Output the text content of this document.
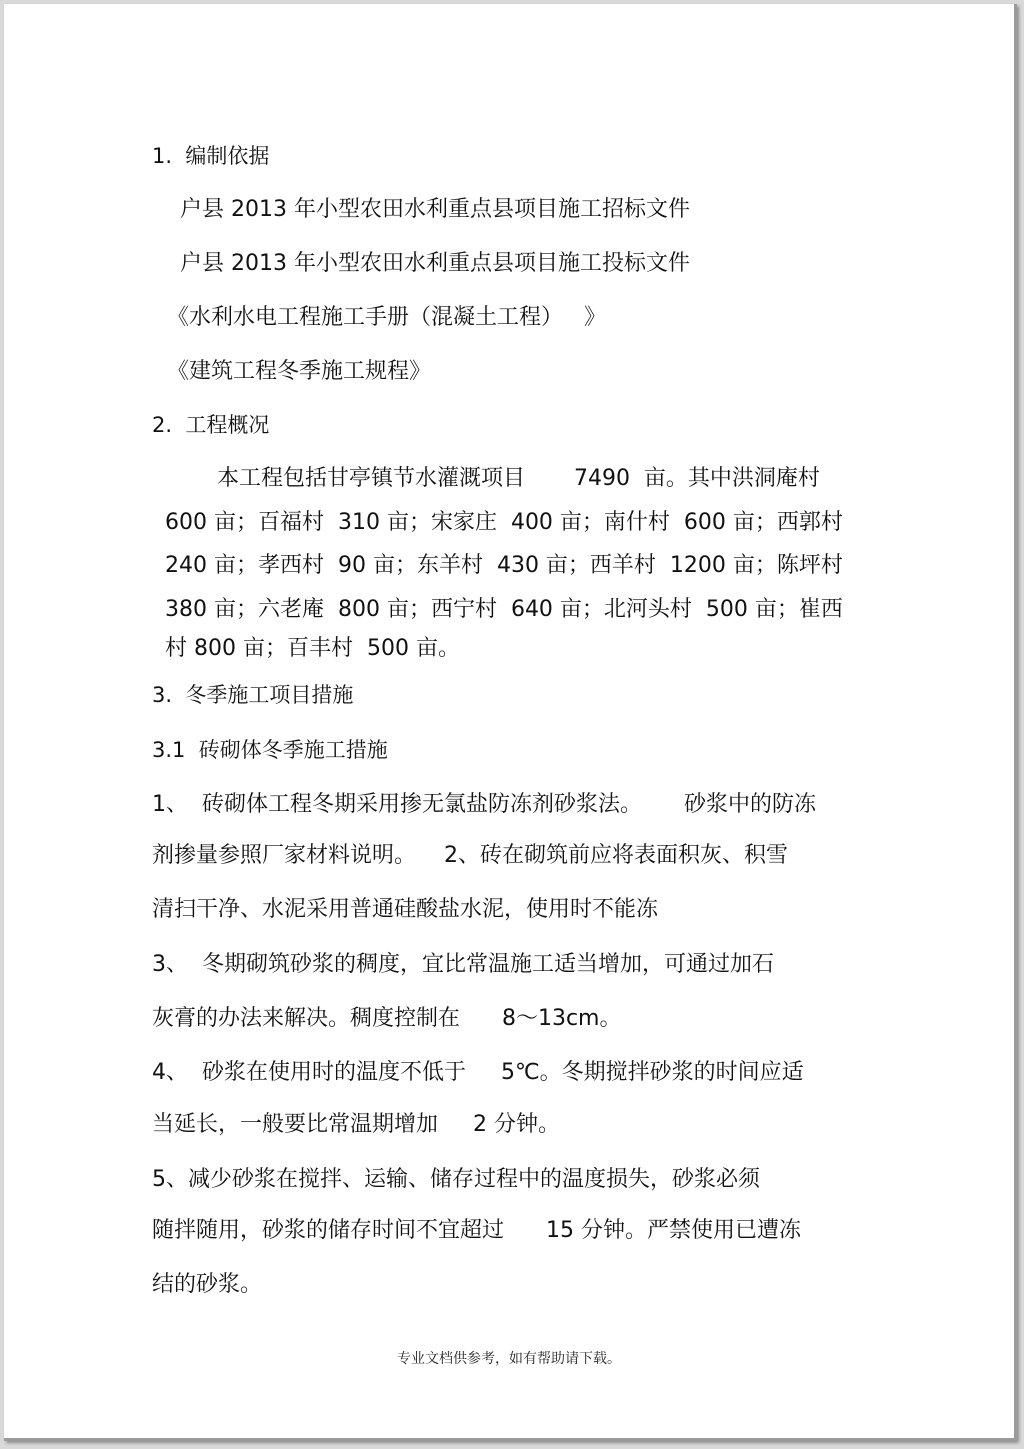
1.  编制依据
户县 2013 年小型农田水利重点县项目施工招标文件
户县 2013 年小型农田水利重点县项目施工投标文件
《水利水电工程施工手册（混凝土工程）   》
《建筑工程冬季施工规程》
2.  工程概况
本工程包括甘亭镇节水灌溉项目       7490  亩。其中洪洞庵村
600 亩；百福村  310 亩；宋家庄  400 亩；南什村  600 亩；西郭村
240 亩；孝西村  90 亩；东羊村  430 亩；西羊村  1200 亩；陈坪村
380 亩；六老庵  800 亩；西宁村  640 亩；北河头村  500 亩；崔西
村 800 亩；百丰村  500 亩。
3.  冬季施工项目措施
3.1  砖砌体冬季施工措施
1、  砖砌体工程冬期采用掺无氯盐防冻剂砂浆法。      砂浆中的防冻
剂掺量参照厂家材料说明。    2、砖在砌筑前应将表面积灰、积雪
清扫干净、水泥采用普通硅酸盐水泥，使用时不能冻
3、  冬期砌筑砂浆的稠度，宜比常温施工适当增加，可通过加石
灰膏的办法来解决。稠度控制在      8～13cm。
4、  砂浆在使用时的温度不低于     5℃。冬期搅拌砂浆的时间应适
当延长，一般要比常温期增加     2 分钟。
5、减少砂浆在搅拌、运输、储存过程中的温度损失，砂浆必须
随拌随用，砂浆的储存时间不宜超过      15 分钟。严禁使用已遭冻
结的砂浆。
专业文档供参考，如有帮助请下载。
